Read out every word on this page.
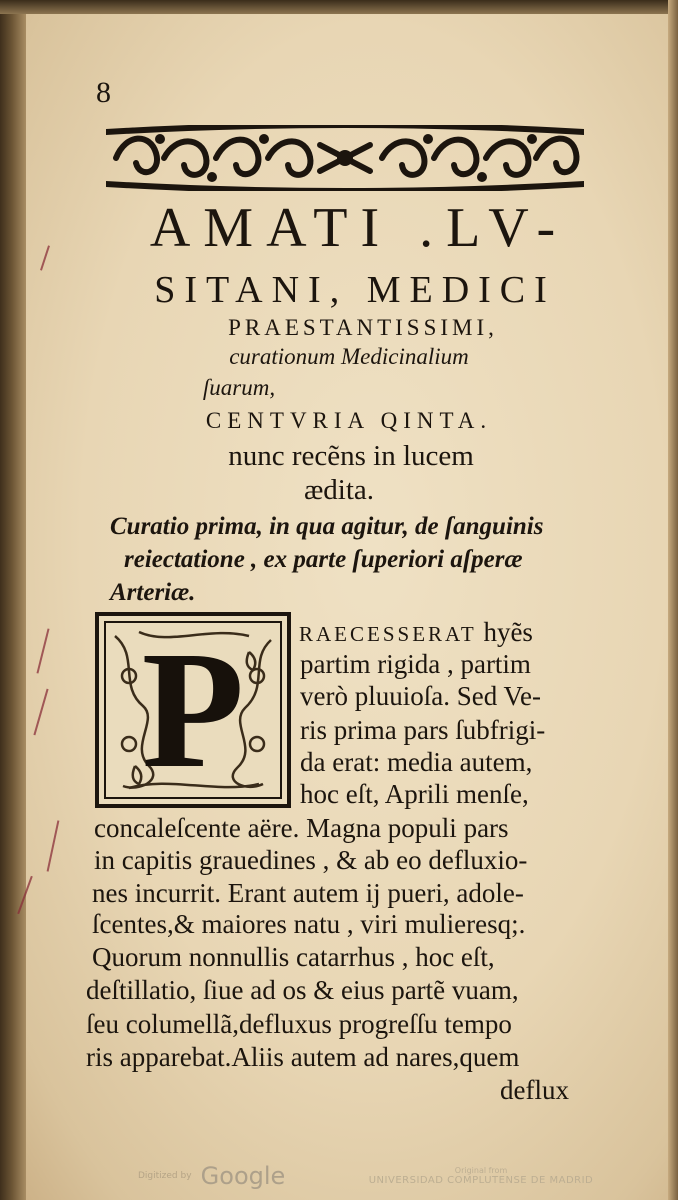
8
AMATI .LV-
SITANI, MEDICI
PRAESTANTISSIMI,
curationum Medicinalium
ſuarum,
CENTVRIA QINTA.
nunc recẽns in lucem
ædita.
Curatio prima, in qua agitur, de ſanguinis
reiectatione , ex parte ſuperiori aſperæ
Arteriæ.
P	RAECESSERAT hyẽs
partim rigida , partim
verò pluuioſa. Sed Ve-
ris prima pars ſubfrigi-
da erat: media autem,
hoc eſt, Aprili menſe,
concaleſcente aëre. Magna populi pars
in capitis grauedines , & ab eo defluxio-
nes incurrit. Erant autem ij pueri, adole-
ſcentes,& maiores natu , viri mulieresq;.
Quorum nonnullis catarrhus , hoc eſt,
deſtillatio, ſiue ad os & eius partẽ vuam,
ſeu columellã,defluxus progreſſu tempo
ris apparebat.Aliis autem ad nares,quem
deflux
Digitized by Google	Original from
UNIVERSIDAD COMPLUTENSE DE MADRID
